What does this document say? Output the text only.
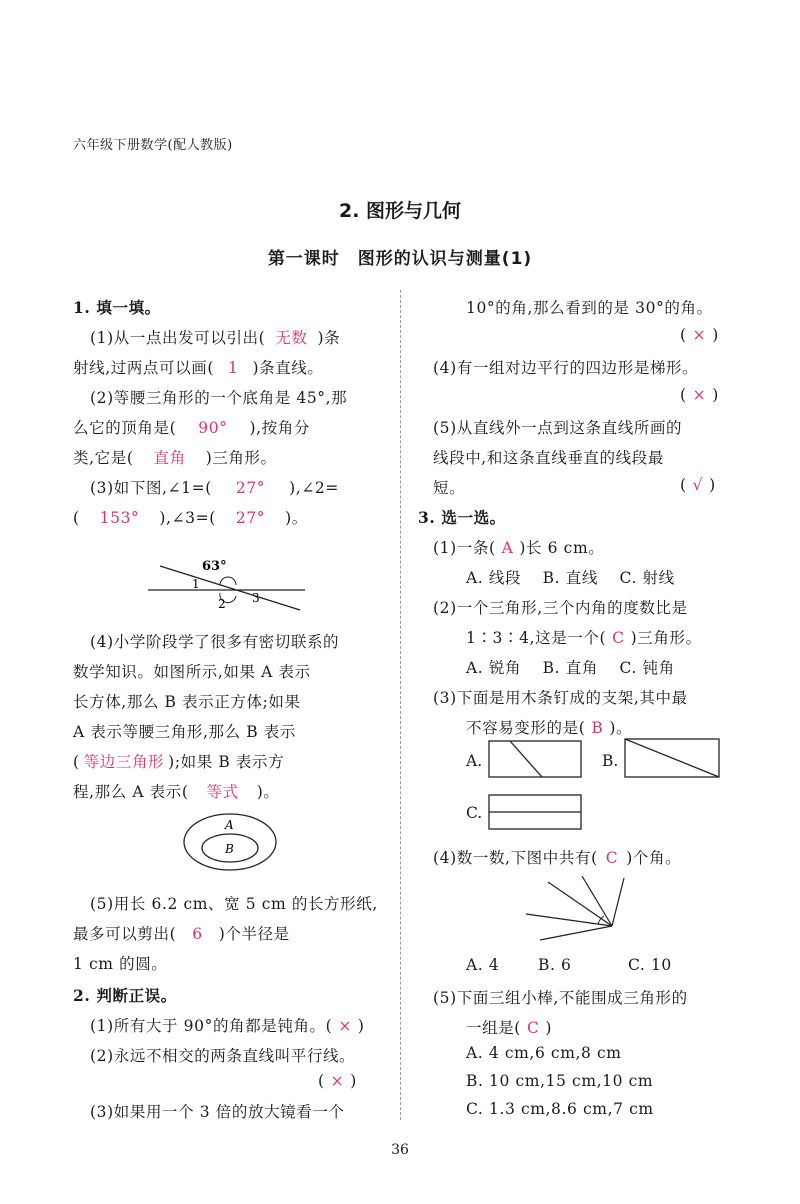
六年级下册数学(配人教版)
2. 图形与几何
第一课时　图形的认识与测量(1)
1. 填一填。
(1)从一点出发可以引出( 无数 )条
射线,过两点可以画( 1 )条直线。
(2)等腰三角形的一个底角是 45°,那
么它的顶角是( 90° ),按角分
类,它是( 直角 )三角形。
(3)如下图,∠1=( 27° ),∠2=
( 153° ),∠3=( 27° )。
63°
1
2 3
(4)小学阶段学了很多有密切联系的
数学知识。如图所示,如果 A 表示
长方体,那么 B 表示正方体;如果
A 表示等腰三角形,那么 B 表示
( 等边三角形 );如果 B 表示方
程,那么 A 表示( 等式 )。
A
B
(5)用长 6.2 cm、宽 5 cm 的长方形纸,
最多可以剪出( 6 )个半径是
1 cm 的圆。
2. 判断正误。
(1)所有大于 90°的角都是钝角。( × )
(2)永远不相交的两条直线叫平行线。
( × )
(3)如果用一个 3 倍的放大镜看一个
10°的角,那么看到的是 30°的角。
( × )
(4)有一组对边平行的四边形是梯形。
( × )
(5)从直线外一点到这条直线所画的
线段中,和这条直线垂直的线段最
短。	( √ )
3. 选一选。
(1)一条( A )长 6 cm。
A. 线段　 B. 直线　 C. 射线
(2)一个三角形,三个内角的度数比是
1∶3∶4,这是一个( C )三角形。
A. 锐角　 B. 直角　 C. 钝角
(3)下面是用木条钉成的支架,其中最
不容易变形的是( B )。
A.	B.
C.
(4)数一数,下图中共有( C )个角。
A. 4 B. 6	C. 10
(5)下面三组小棒,不能围成三角形的
一组是( C )
A. 4 cm,6 cm,8 cm
B. 10 cm,15 cm,10 cm
C. 1.3 cm,8.6 cm,7 cm
36
